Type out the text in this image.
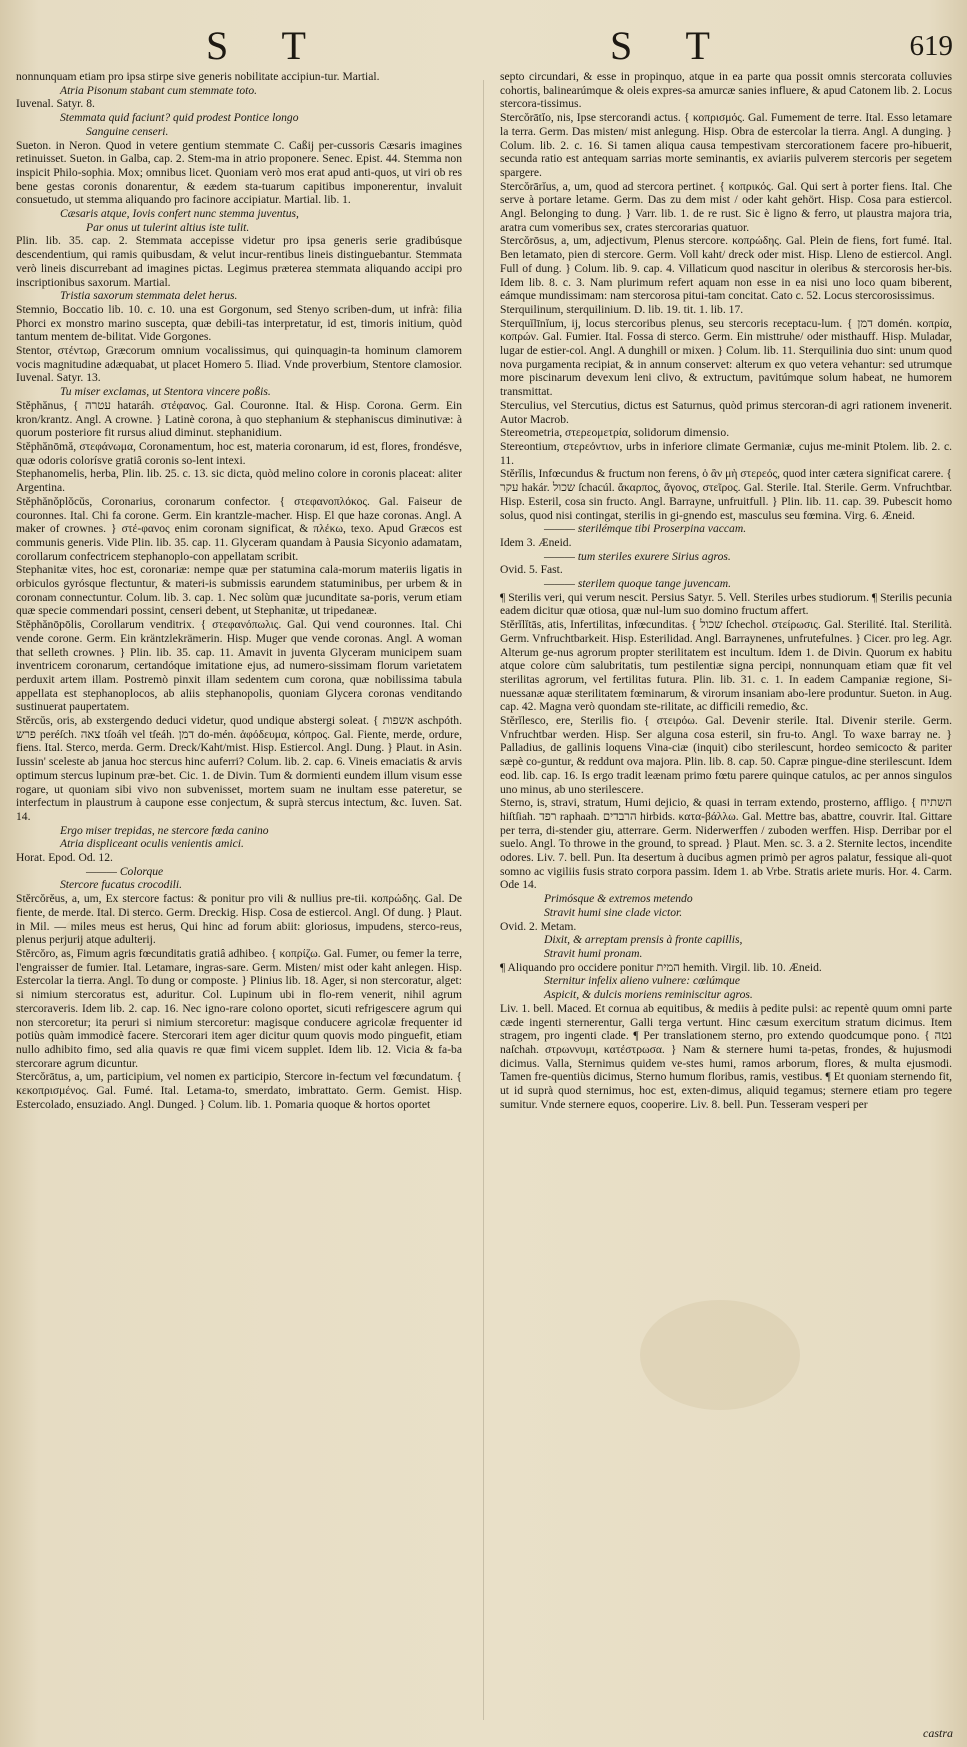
S T	S T	619

nonnunquam etiam pro ipsa stirpe sive generis nobilitate accipiun-tur. Martial.

Atria Pisonum stabant cum stemmate toto.

Iuvenal. Satyr. 8.

Stemmata quid faciunt? quid prodest Pontice longo

Sanguine censeri.

Sueton. in Neron. Quod in vetere gentium stemmate C. Caßij per-cussoris Cæsaris imagines retinuisset. Sueton. in Galba, cap. 2. Stem-ma in atrio proponere. Senec. Epist. 44. Stemma non inspicit Philo-sophia. Mox; omnibus licet. Quoniam verò mos erat apud anti-quos, ut viri ob res bene gestas coronis donarentur, & eædem sta-tuarum capitibus imponerentur, invaluit consuetudo, ut stemma aliquando pro facinore accipiatur. Martial. lib. 1.

Cæsaris atque, Iovis confert nunc stemma juventus,

Par onus ut tulerint altius iste tulit.

Plin. lib. 35. cap. 2. Stemmata accepisse videtur pro ipsa generis serie gradibúsque descendentium, qui ramis quibusdam, & velut incur-rentibus lineis distinguebantur. Stemmata verò lineis discurrebant ad imagines pictas. Legimus præterea stemmata aliquando accipi pro inscriptionibus saxorum. Martial.

Tristia saxorum stemmata delet herus.

Stemnio, Boccatio lib. 10. c. 10. una est Gorgonum, sed Stenyo scriben-dum, ut infrà: filia Phorci ex monstro marino suscepta, quæ debili-tas interpretatur, id est, timoris initium, quòd tantum mentem de-bilitat. Vide Gorgones.

Stentor, στέντωρ, Græcorum omnium vocalissimus, qui quinquagin-ta hominum clamorem vocis magnitudine adæquabat, ut placet Homero 5. Iliad. Vnde proverbium, Stentore clamosior. Iuvenal. Satyr. 13.

Tu miser exclamas, ut Stentora vincere poßis.

Stĕphănus, { עטרה hataráh. στέφανος. Gal. Couronne. Ital. & Hisp. Corona. Germ. Ein kron/krantz. Angl. A crowne. } Latinè corona, à quo stephanium & stephaniscus diminutivæ: à quorum posteriore fit rursus aliud diminut. stephanidium.

Stĕphănōmă, στεφάνωμα, Coronamentum, hoc est, materia coronarum, id est, flores, frondésve, quæ odoris colorísve gratiâ coronis so-lent intexi.

Stephanomelis, herba, Plin. lib. 25. c. 13. sic dicta, quòd melino colore in coronis placeat: aliter Argentina.

Stĕphănŏplŏcŭs, Coronarius, coronarum confector. { στεφανοπλόκος. Gal. Faiseur de couronnes. Ital. Chi fa corone. Germ. Ein krantzle-macher. Hisp. El que haze coronas. Angl. A maker of crownes. } στέ-φανος enim coronam significat, & πλέκω, texo. Apud Græcos est communis generis. Vide Plin. lib. 35. cap. 11. Glyceram quandam à Pausia Sicyonio adamatam, corollarum confectricem stephanoplo-con appellatam scribit.

Stephanitæ vites, hoc est, coronariæ: nempe quæ per statumina cala-morum materiis ligatis in orbiculos gyrósque flectuntur, & materi-is submissis earundem statuminibus, per urbem & in coronam connectuntur. Colum. lib. 3. cap. 1. Nec solùm quæ jucunditate sa-poris, verum etiam quæ specie commendari possint, censeri debent, ut Stephanitæ, ut tripedaneæ.

Stĕphănōpōlis, Corollarum venditrix. { στεφανόπωλις. Gal. Qui vend couronnes. Ital. Chi vende corone. Germ. Ein kräntzlekrämerin. Hisp. Muger que vende coronas. Angl. A woman that selleth crownes. } Plin. lib. 35. cap. 11. Amavit in juventa Glyceram municipem suam inventricem coronarum, certandóque imitatione ejus, ad numero-sissimam florum varietatem perduxit artem illam. Postremò pinxit illam sedentem cum corona, quæ nobilissima tabula appellata est stephanoplocos, ab aliis stephanopolis, quoniam Glycera coronas venditando sustinuerat paupertatem.

Stĕrcŭs, oris, ab exstergendo deduci videtur, quod undique abstergi soleat. { אשפות aschpóth. פרש peréſch. צאה tſoáh vel tſeáh. דמן do-mén. ἀφόδευμα, κόπρος. Gal. Fiente, merde, ordure, fiens. Ital. Sterco, merda. Germ. Dreck/Kaht/mist. Hisp. Estiercol. Angl. Dung. } Plaut. in Asin. Iussin' sceleste ab janua hoc stercus hinc auferri? Colum. lib. 2. cap. 6. Vineis emaciatis & arvis optimum stercus lupinum præ-bet. Cic. 1. de Divin. Tum & dormienti eundem illum visum esse rogare, ut quoniam sibi vivo non subvenisset, mortem suam ne inultam esse pateretur, se interfectum in plaustrum à caupone esse conjectum, & suprà stercus intectum, &c. Iuven. Sat. 14.

Ergo miser trepidas, ne stercore fœda canino

Atria displiceant oculis venientis amici.

Horat. Epod. Od. 12.

——— Colorque

Stercore fucatus crocodili.

Stĕrcŏrĕus, a, um, Ex stercore factus: & ponitur pro vili & nullius pre-tii. κοπρώδης. Gal. De fiente, de merde. Ital. Di sterco. Germ. Dreckig. Hisp. Cosa de estiercol. Angl. Of dung. } Plaut. in Mil. — miles meus est herus, Qui hinc ad forum abiit: gloriosus, impudens, sterco-reus, plenus perjurij atque adulterij.

Stĕrcŏro, as, Fimum agris fœcunditatis gratiâ adhibeo. { κοπρίζω. Gal. Fumer, ou femer la terre, l'engraisser de fumier. Ital. Letamare, ingras-sare. Germ. Misten/ mist oder kaht anlegen. Hisp. Estercolar la tierra. Angl. To dung or composte. } Plinius lib. 18. Ager, si non stercoratur, alget: si nimium stercoratus est, aduritur. Col. Lupinum ubi in flo-rem venerit, nihil agrum stercoraveris. Idem lib. 2. cap. 16. Nec igno-rare colono oportet, sicuti refrigescere agrum qui non stercoretur; ita peruri si nimium stercoretur: magisque conducere agricolæ frequenter id potiùs quàm immodicè facere. Stercorari item ager dicitur quum quovis modo pinguefit, etiam nullo adhibito fimo, sed alia quavis re quæ fimi vicem supplet. Idem lib. 12. Vicia & fa-ba stercorare agrum dicuntur.

Stercŏrātus, a, um, participium, vel nomen ex participio, Stercore in-fectum vel fœcundatum. { κεκοπρισμένος. Gal. Fumé. Ital. Letama-to, smerdato, imbrattato. Germ. Gemist. Hisp. Estercolado, ensuziado. Angl. Dunged. } Colum. lib. 1. Pomaria quoque & hortos oportet

septo circundari, & esse in propinquo, atque in ea parte qua possit omnis stercorata colluvies cohortis, balinearúmque & oleis expres-sa amurcæ sanies influere, & apud Catonem lib. 2. Locus stercora-tissimus.

Stercŏrātĭo, nis, Ipse stercorandi actus. { κοπρισμός. Gal. Fumement de terre. Ital. Esso letamare la terra. Germ. Das misten/ mist anlegung. Hisp. Obra de estercolar la tierra. Angl. A dunging. } Colum. lib. 2. c. 16. Si tamen aliqua causa tempestivam stercorationem facere pro-hibuerit, secunda ratio est antequam sarrias morte seminantis, ex aviariis pulverem stercoris per segetem spargere.

Stercŏrārĭus, a, um, quod ad stercora pertinet. { κοπρικός. Gal. Qui sert à porter fiens. Ital. Che serve à portare letame. Germ. Das zu dem mist / oder kaht gehört. Hisp. Cosa para estiercol. Angl. Belonging to dung. } Varr. lib. 1. de re rust. Sic è ligno & ferro, ut plaustra majora tria, aratra cum vomeribus sex, crates stercorarias quatuor.

Stercŏrōsus, a, um, adjectivum, Plenus stercore. κοπρώδης. Gal. Plein de fiens, fort fumé. Ital. Ben letamato, pien di stercore. Germ. Voll kaht/ dreck oder mist. Hisp. Lleno de estiercol. Angl. Full of dung. } Colum. lib. 9. cap. 4. Villaticum quod nascitur in oleribus & stercorosis her-bis. Idem lib. 8. c. 3. Nam plurimum refert aquam non esse in ea nisi uno loco quam biberent, eámque mundissimam: nam stercorosa pitui-tam concitat. Cato c. 52. Locus stercorosissimus.

Sterquilinum, sterquilinium. D. lib. 19. tit. 1. lib. 17.

Sterquĭlīnĭum, ij, locus stercoribus plenus, seu stercoris receptacu-lum. { דמן domén. κοπρία, κοπρών. Gal. Fumier. Ital. Fossa di sterco. Germ. Ein misttruhe/ oder misthauff. Hisp. Muladar, lugar de estier-col. Angl. A dunghill or mixen. } Colum. lib. 11. Sterquilinia duo sint: unum quod nova purgamenta recipiat, & in annum conservet: alterum ex quo vetera vehantur: sed utrumque more piscinarum devexum leni clivo, & extructum, pavitúmque solum habeat, ne humorem transmittat.

Sterculius, vel Stercutius, dictus est Saturnus, quòd primus stercoran-di agri rationem invenerit. Autor Macrob.

Stereometria, στερεομετρία, solidorum dimensio.

Stereontium, στερεόντιον, urbs in inferiore climate Germaniæ, cujus me-minit Ptolem. lib. 2. c. 11.

Stĕrĭlis, Infœcundus & fructum non ferens, ὁ ἂν μὴ στερεός, quod inter cætera significat carere. { עקר hakár. שכול ſchacúl. ἄκαρπος, ἄγονος, στεῖρος. Gal. Sterile. Ital. Sterile. Germ. Vnfruchtbar. Hisp. Esteril, cosa sin fructo. Angl. Barrayne, unfruitfull. } Plin. lib. 11. cap. 39. Pubescit homo solus, quod nisi contingat, sterilis in gi-gnendo est, masculus seu fœmina. Virg. 6. Æneid.

——— sterilémque tibi Proserpina vaccam.

Idem 3. Æneid.

——— tum steriles exurere Sirius agros.

Ovid. 5. Fast.

——— sterilem quoque tange juvencam.

¶ Sterilis veri, qui verum nescit. Persius Satyr. 5. Vell. Steriles urbes studiorum. ¶ Sterilis pecunia eadem dicitur quæ otiosa, quæ nul-lum suo domino fructum affert.

Stĕrĭlĭtās, atis, Infertilitas, infœcunditas. { שכול ſchechol. στείρωσις. Gal. Sterilité. Ital. Sterilità. Germ. Vnfruchtbarkeit. Hisp. Esterilidad. Angl. Barraynenes, unfrutefulnes. } Cicer. pro leg. Agr. Alterum ge-nus agrorum propter sterilitatem est incultum. Idem 1. de Divin. Quorum ex habitu atque colore cùm salubritatis, tum pestilentiæ signa percipi, nonnunquam etiam quæ fit vel sterilitas agrorum, vel fertilitas futura. Plin. lib. 31. c. 1. In eadem Campaniæ regione, Si-nuessanæ aquæ sterilitatem fœminarum, & virorum insaniam abo-lere produntur. Sueton. in Aug. cap. 42. Magna verò quondam ste-rilitate, ac difficili remedio, &c.

Stĕrĭlesco, ere, Sterilis fio. { στειρόω. Gal. Devenir sterile. Ital. Divenir sterile. Germ. Vnfruchtbar werden. Hisp. Ser alguna cosa esteril, sin fru-to. Angl. To waxe barray ne. } Palladius, de gallinis loquens Vina-ciæ (inquit) cibo sterilescunt, hordeo semicocto & pariter sæpè co-guntur, & reddunt ova majora. Plin. lib. 8. cap. 50. Capræ pingue-dine sterilescunt. Idem eod. lib. cap. 16. Is ergo tradit leænam primo fœtu parere quinque catulos, ac per annos singulos uno minus, ab uno sterilescere.

Sterno, is, stravi, stratum, Humi dejicio, & quasi in terram extendo, prosterno, affligo. { השתיח hiſtſiah. רפד raphaah. הרבדים hirbids. κατα-βάλλω. Gal. Mettre bas, abattre, couvrir. Ital. Gittare per terra, di-stender giu, atterrare. Germ. Niderwerffen / zuboden werffen. Hisp. Derribar por el suelo. Angl. To throwe in the ground, to spread. } Plaut. Men. sc. 3. a 2. Sternite lectos, incendite odores. Liv. 7. bell. Pun. Ita desertum à ducibus agmen primò per agros palatur, fessique ali-quot somno ac vigiliis fusis strato corpora passim. Idem 1. ab Vrbe. Stratis ariete muris. Hor. 4. Carm. Ode 14.

Primósque & extremos metendo

Stravit humi sine clade victor.

Ovid. 2. Metam.

Dixit, & arreptam prensis à fronte capillis,

Stravit humi pronam.

¶ Aliquando pro occidere ponitur המית hemith. Virgil. lib. 10. Æneid.

Sternitur infelix alieno vulnere: cœlúmque

Aspicit, & dulcis moriens reminiscitur agros.

Liv. 1. bell. Maced. Et cornua ab equitibus, & mediis à pedite pulsi: ac repentè quum omni parte cæde ingenti sternerentur, Galli terga vertunt. Hinc cæsum exercitum stratum dicimus. Item stragem, pro ingenti clade. ¶ Per translationem sterno, pro extendo quodcumque pono. { נטה naſchah. στρωννυμι, κατέστρωσα. } Nam & sternere humi ta-petas, frondes, & hujusmodi dicimus. Valla, Sternimus quidem ve-stes humi, ramos arborum, flores, & multa ejusmodi. Tamen fre-quentiùs dicimus, Sterno humum floribus, ramis, vestibus. ¶ Et quoniam sternendo fit, ut id suprà quod sternimus, hoc est, exten-dimus, aliquid tegamus; sternere etiam pro tegere sumitur. Vnde sternere equos, cooperire. Liv. 8. bell. Pun. Tesseram vesperi per

castra
